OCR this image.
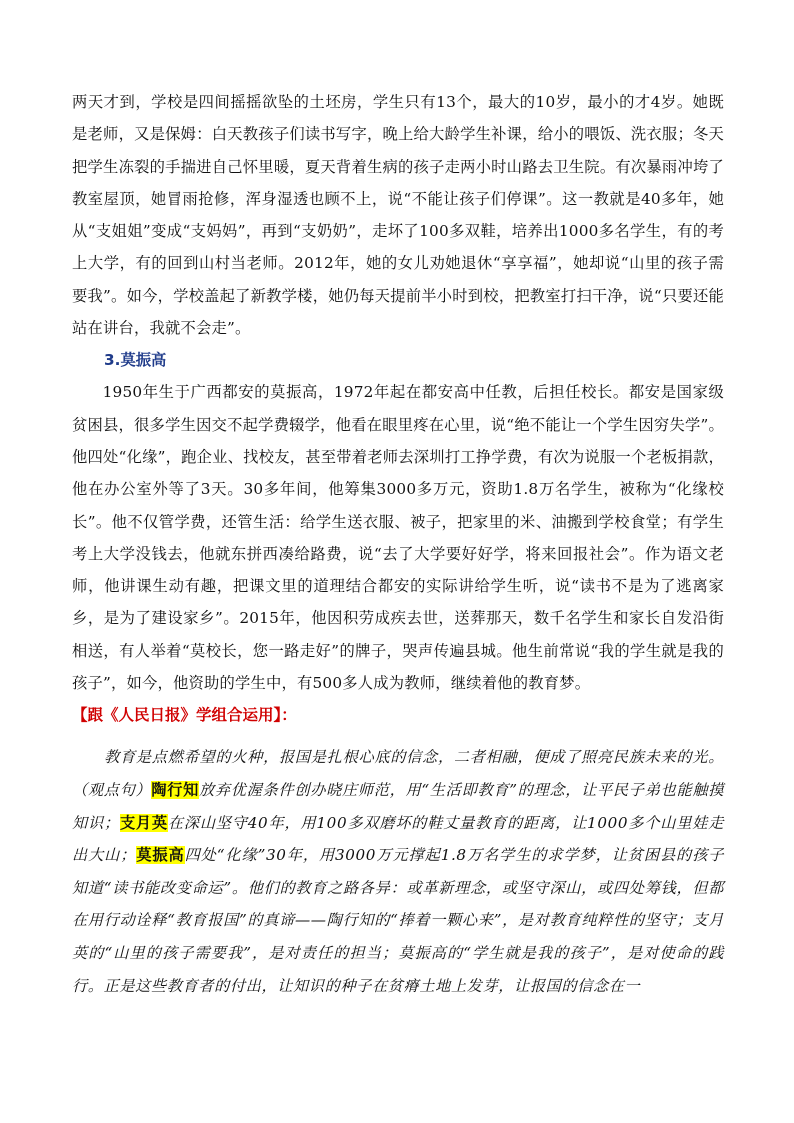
两天才到，学校是四间摇摇欲坠的土坯房，学生只有13个，最大的10岁，最小的才4岁。她既是老师，又是保姆：白天教孩子们读书写字，晚上给大龄学生补课，给小的喂饭、洗衣服；冬天把学生冻裂的手揣进自己怀里暖，夏天背着生病的孩子走两小时山路去卫生院。有次暴雨冲垮了教室屋顶，她冒雨抢修，浑身湿透也顾不上，说“不能让孩子们停课”。这一教就是40多年，她从“支姐姐”变成“支妈妈”，再到“支奶奶”，走坏了100多双鞋，培养出1000多名学生，有的考上大学，有的回到山村当老师。2012年，她的女儿劝她退休“享享福”，她却说“山里的孩子需要我”。如今，学校盖起了新教学楼，她仍每天提前半小时到校，把教室打扫干净，说“只要还能站在讲台，我就不会走”。

3.莫振高

1950年生于广西都安的莫振高，1972年起在都安高中任教，后担任校长。都安是国家级贫困县，很多学生因交不起学费辍学，他看在眼里疼在心里，说“绝不能让一个学生因穷失学”。他四处“化缘”，跑企业、找校友，甚至带着老师去深圳打工挣学费，有次为说服一个老板捐款，他在办公室外等了3天。30多年间，他筹集3000多万元，资助1.8万名学生，被称为“化缘校长”。他不仅管学费，还管生活：给学生送衣服、被子，把家里的米、油搬到学校食堂；有学生考上大学没钱去，他就东拼西凑给路费，说“去了大学要好好学，将来回报社会”。作为语文老师，他讲课生动有趣，把课文里的道理结合都安的实际讲给学生听，说“读书不是为了逃离家乡，是为了建设家乡”。2015年，他因积劳成疾去世，送葬那天，数千名学生和家长自发沿街相送，有人举着“莫校长，您一路走好”的牌子，哭声传遍县城。他生前常说“我的学生就是我的孩子”，如今，他资助的学生中，有500多人成为教师，继续着他的教育梦。

【跟《人民日报》学组合运用】：

教育是点燃希望的火种，报国是扎根心底的信念，二者相融，便成了照亮民族未来的光。（观点句）陶行知放弃优渥条件创办晓庄师范，用“生活即教育”的理念，让平民子弟也能触摸知识；支月英在深山坚守40年，用100多双磨坏的鞋丈量教育的距离，让1000多个山里娃走出大山；莫振高四处“化缘”30年，用3000万元撑起1.8万名学生的求学梦，让贫困县的孩子知道“读书能改变命运”。他们的教育之路各异：或革新理念，或坚守深山，或四处筹钱，但都在用行动诠释“教育报国”的真谛——陶行知的“捧着一颗心来”，是对教育纯粹性的坚守；支月英的“山里的孩子需要我”，是对责任的担当；莫振高的“学生就是我的孩子”，是对使命的践行。正是这些教育者的付出，让知识的种子在贫瘠土地上发芽，让报国的信念在一
